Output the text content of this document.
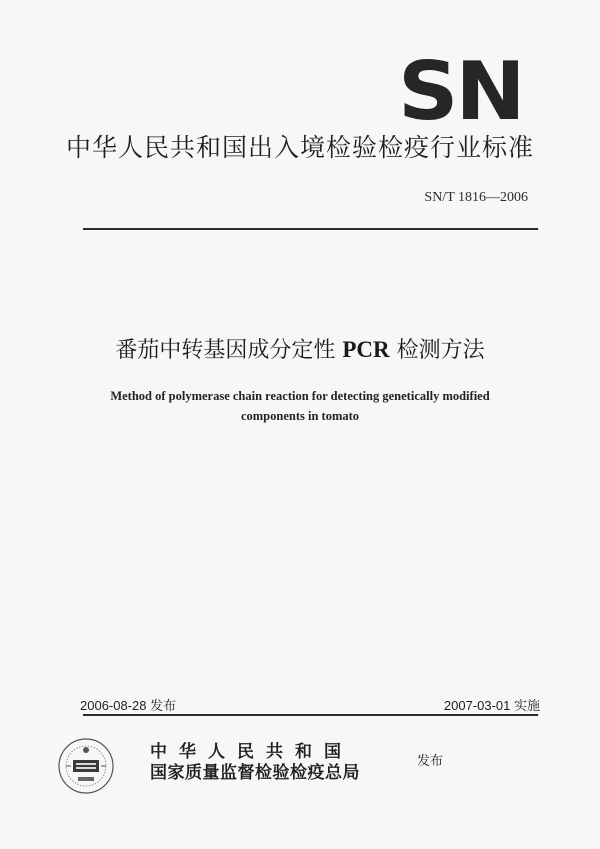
SN
中华人民共和国出入境检验检疫行业标准
SN/T 1816—2006
番茄中转基因成分定性 PCR 检测方法
Method of polymerase chain reaction for detecting genetically modified
components in tomato
2006-08-28 发布	2007-03-01 实施
中华人民共和国
国家质量监督检验检疫总局
发布
